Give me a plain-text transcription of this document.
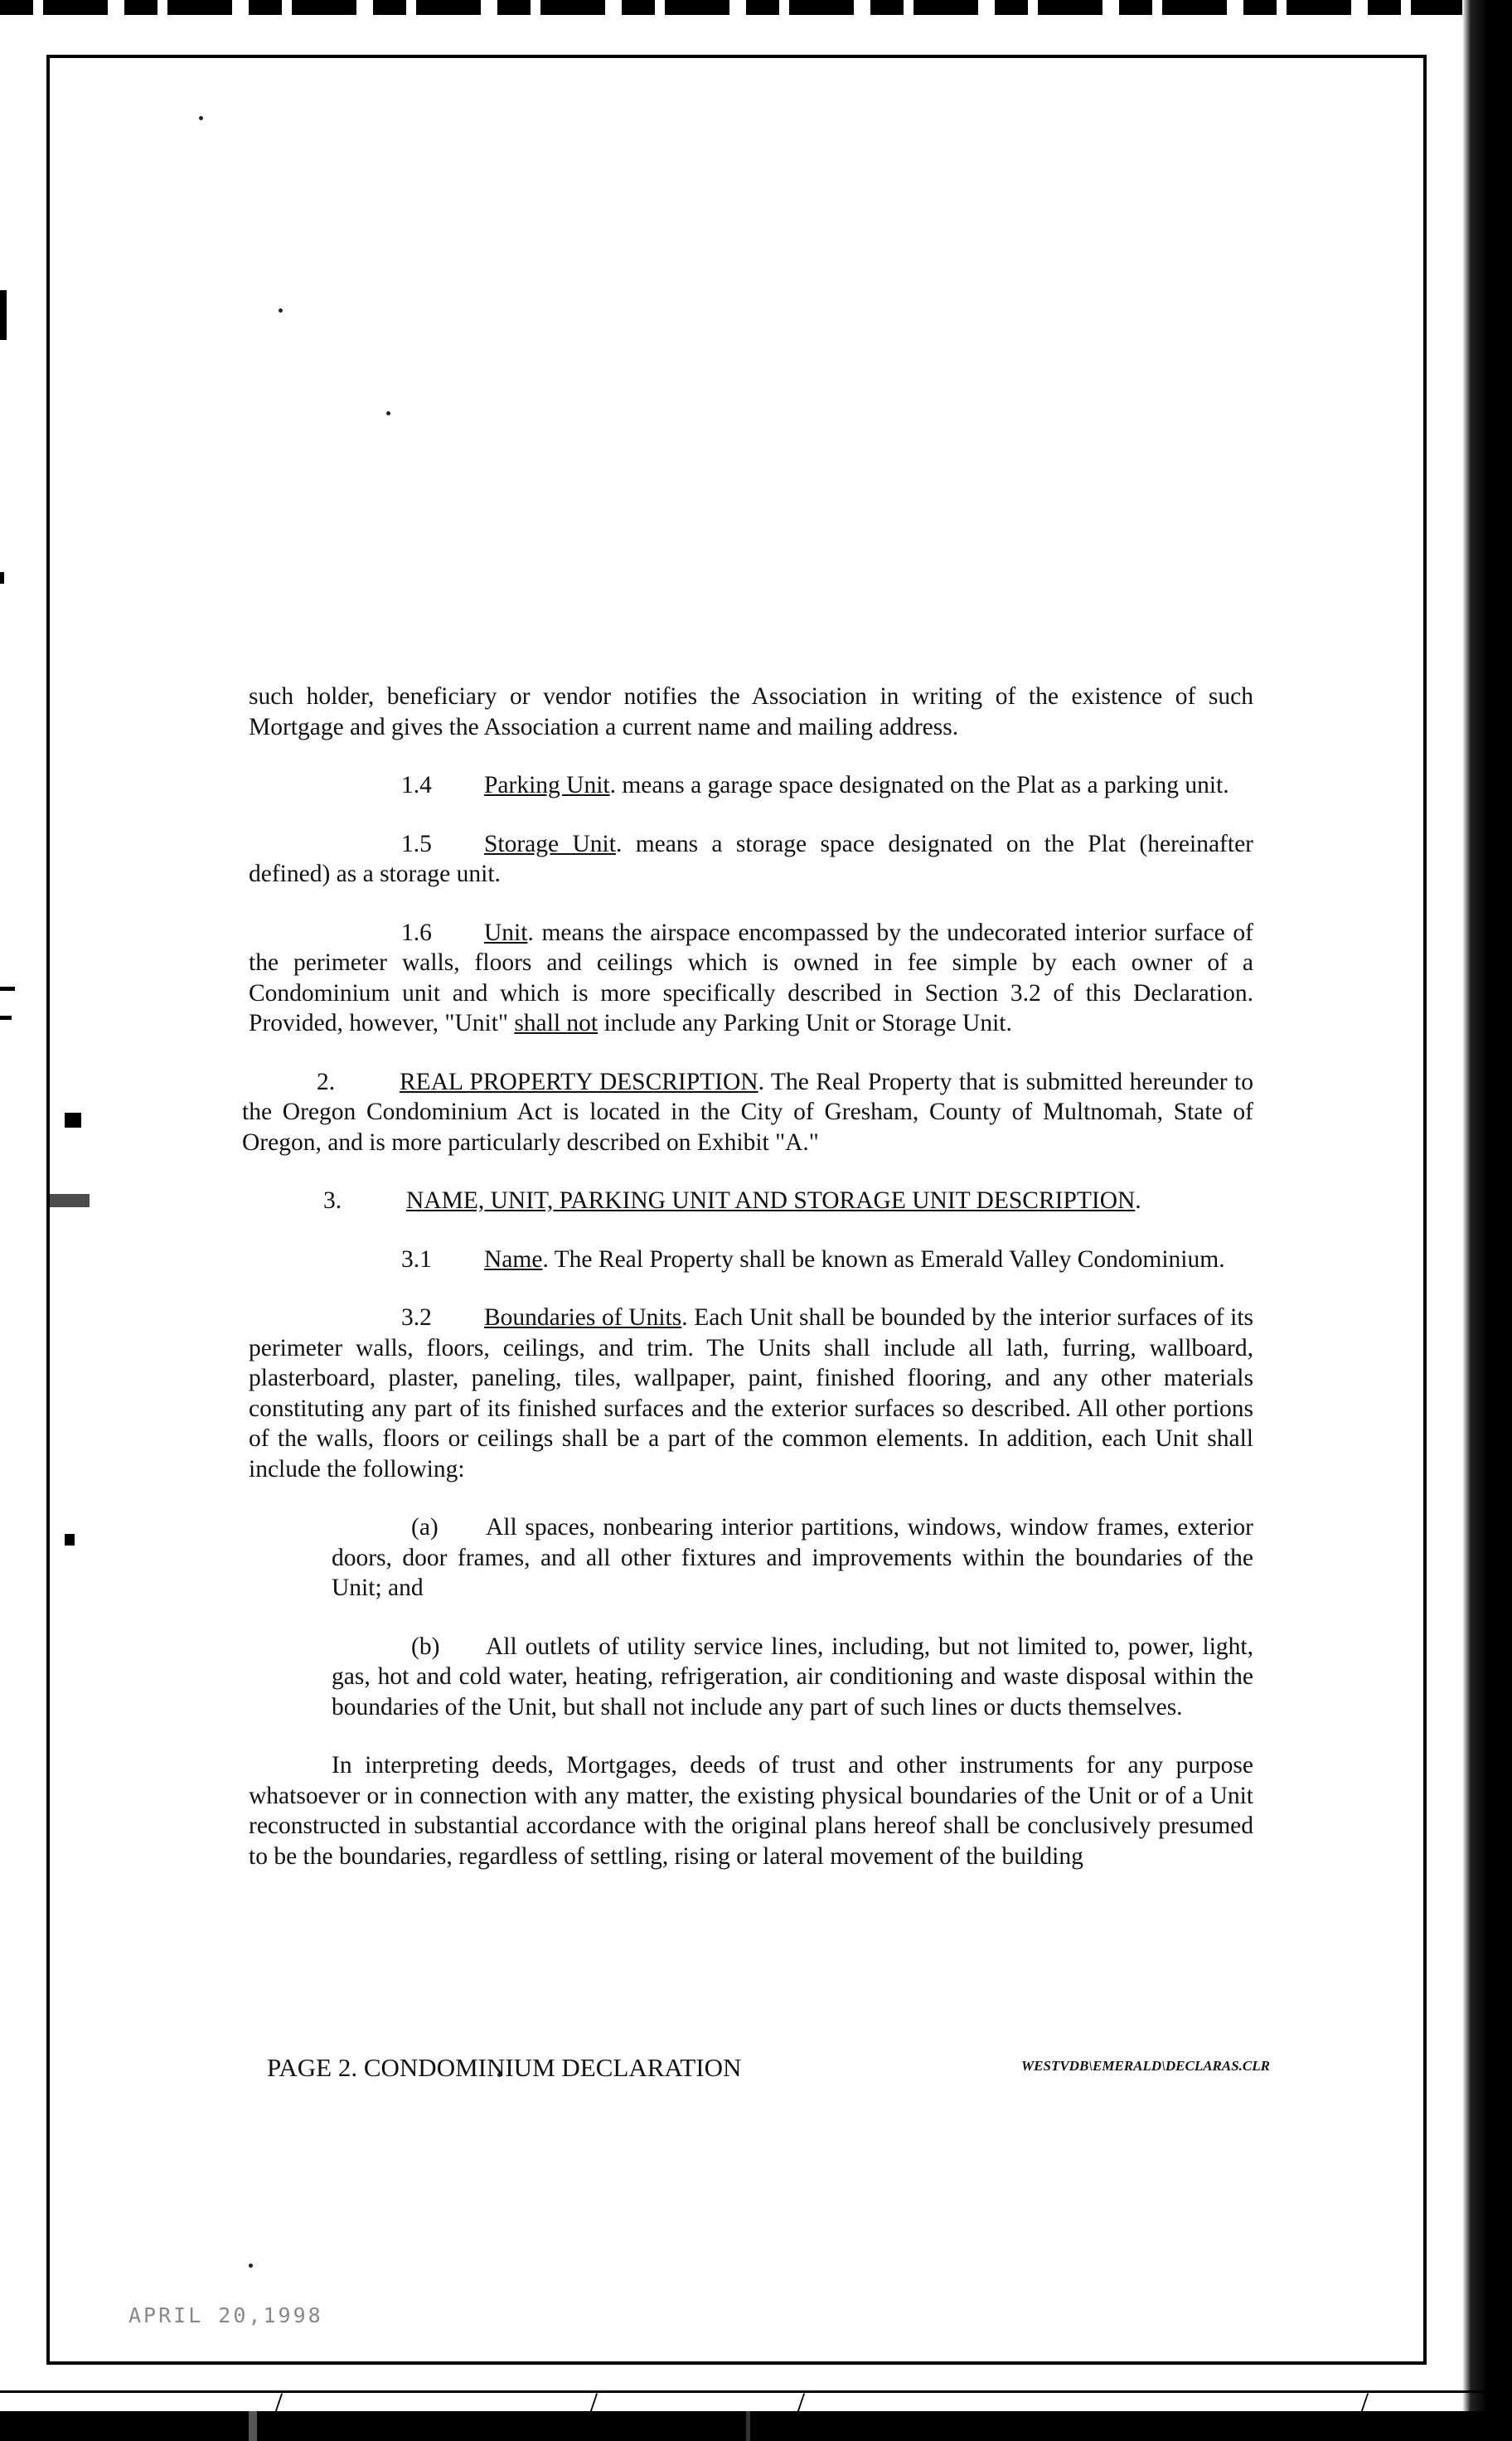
such holder, beneficiary or vendor notifies the Association in writing of the existence of such Mortgage and gives the Association a current name and mailing address.

1.4 Parking Unit. means a garage space designated on the Plat as a parking unit.

1.5 Storage Unit. means a storage space designated on the Plat (hereinafter defined) as a storage unit.

1.6 Unit. means the airspace encompassed by the undecorated interior surface of the perimeter walls, floors and ceilings which is owned in fee simple by each owner of a Condominium unit and which is more specifically described in Section 3.2 of this Declaration. Provided, however, "Unit" shall not include any Parking Unit or Storage Unit.

2.	REAL PROPERTY DESCRIPTION. The Real Property that is submitted hereunder to the Oregon Condominium Act is located in the City of Gresham, County of Multnomah, State of Oregon, and is more particularly described on Exhibit "A."

3.	NAME, UNIT, PARKING UNIT AND STORAGE UNIT DESCRIPTION.

3.1 Name. The Real Property shall be known as Emerald Valley Condominium.

3.2 Boundaries of Units. Each Unit shall be bounded by the interior surfaces of its perimeter walls, floors, ceilings, and trim. The Units shall include all lath, furring, wallboard, plasterboard, plaster, paneling, tiles, wallpaper, paint, finished flooring, and any other materials constituting any part of its finished surfaces and the exterior surfaces so described. All other portions of the walls, floors or ceilings shall be a part of the common elements. In addition, each Unit shall include the following:

(a) All spaces, nonbearing interior partitions, windows, window frames, exterior doors, door frames, and all other fixtures and improvements within the boundaries of the Unit; and

(b) All outlets of utility service lines, including, but not limited to, power, light, gas, hot and cold water, heating, refrigeration, air conditioning and waste disposal within the boundaries of the Unit, but shall not include any part of such lines or ducts themselves.

In interpreting deeds, Mortgages, deeds of trust and other instruments for any purpose whatsoever or in connection with any matter, the existing physical boundaries of the Unit or of a Unit reconstructed in substantial accordance with the original plans hereof shall be conclusively presumed to be the boundaries, regardless of settling, rising or lateral movement of the building

PAGE 2. CONDOMINIUM DECLARATION	WESTVDB\EMERALD\DECLARAS.CLR
APRIL 20,1998
/	/	/	/
